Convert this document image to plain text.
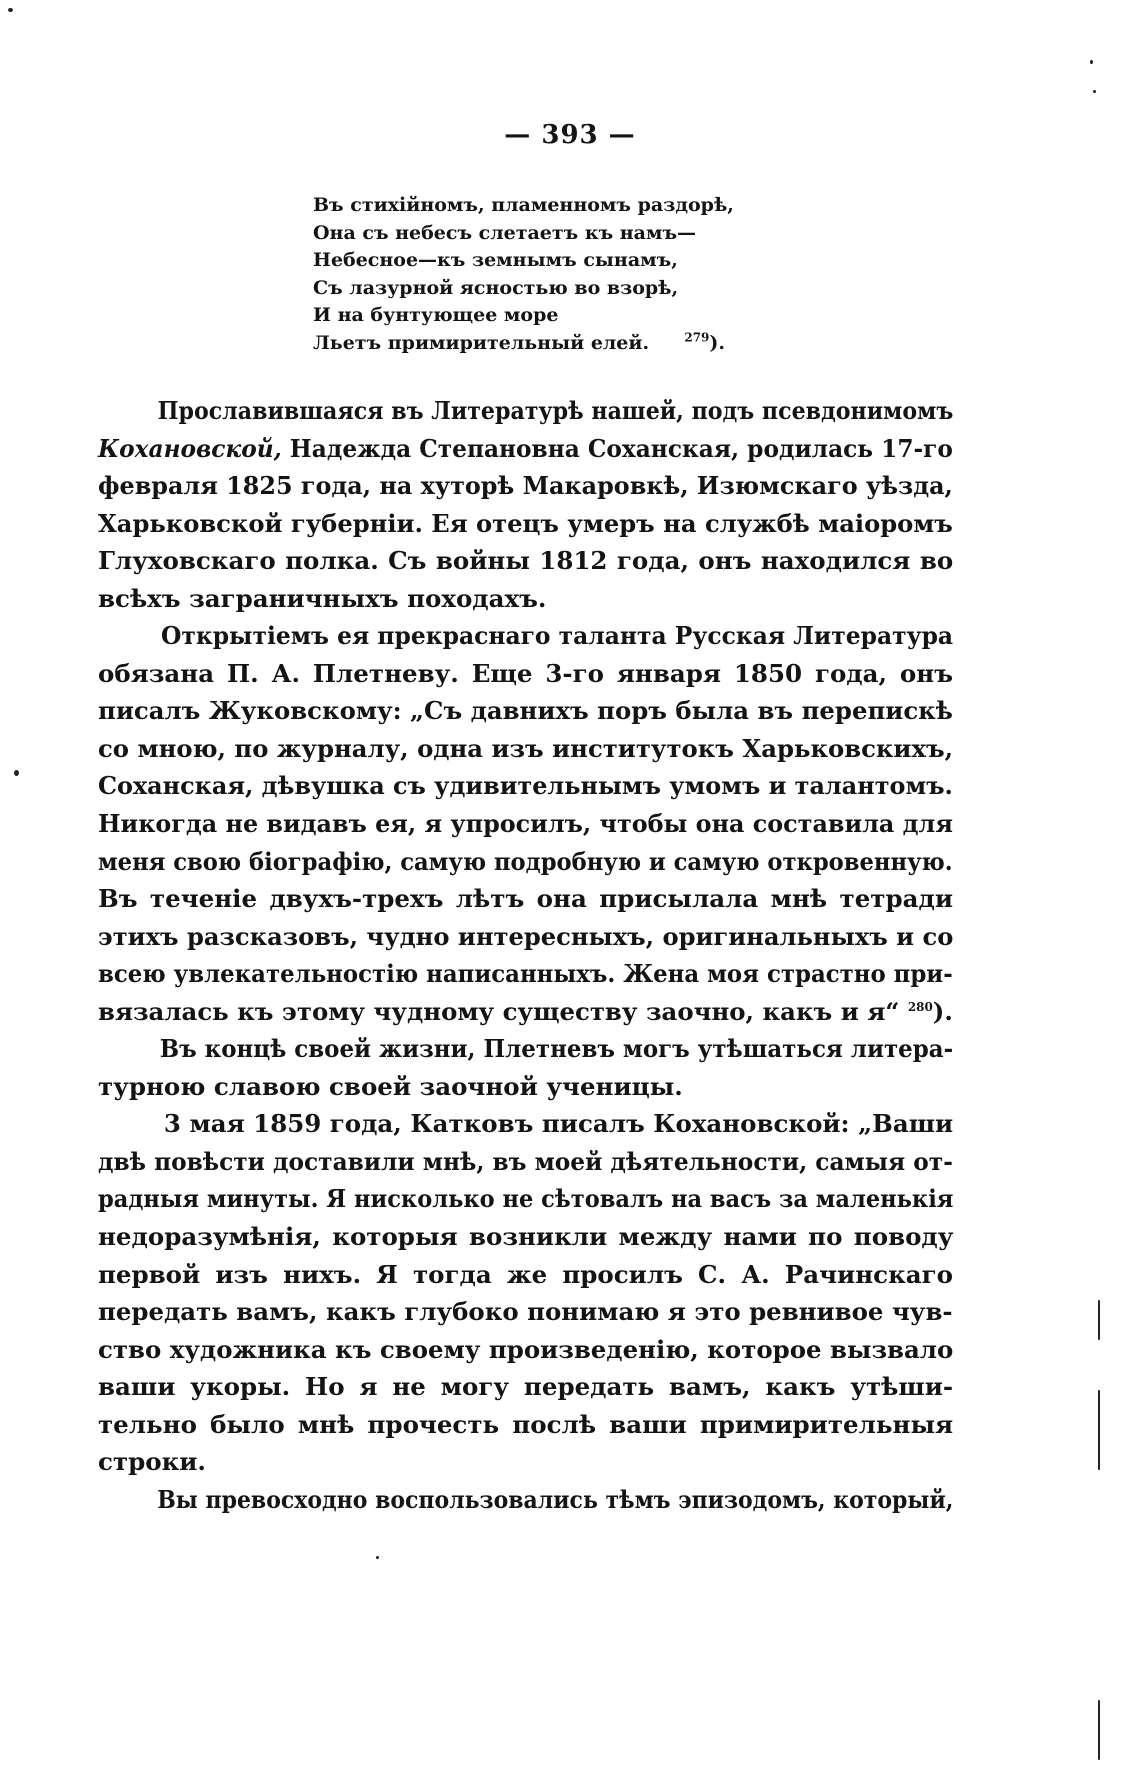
— 393 —
Въ стихійномъ, пламенномъ раздорѣ,
Она съ небесъ слетаетъ къ намъ—
Небесное—къ земнымъ сынамъ,
Съ лазурной ясностью во взорѣ,
И на бунтующее море
Льетъ примирительный елей.	$^{279}$).
Прославившаяся въ Литературѣ нашей, подъ псевдонимомъ
Кохановской, Надежда Степановна Соханская, родилась 17-го
февраля 1825 года, на хуторѣ Макаровкѣ, Изюмскаго уѣзда,
Харьковской губерніи. Ея отецъ умеръ на службѣ маіоромъ
Глуховскаго полка. Съ войны 1812 года, онъ находился во
всѣхъ заграничныхъ походахъ.
Открытіемъ ея прекраснаго таланта Русская Литература
обязана П. А. Плетневу. Еще 3-го января 1850 года, онъ
писалъ Жуковскому: „Съ давнихъ поръ была въ перепискѣ
со мною, по журналу, одна изъ институтокъ Харьковскихъ,
Соханская, дѣвушка съ удивительнымъ умомъ и талантомъ.
Никогда не видавъ ея, я упросилъ, чтобы она составила для
меня свою біографію, самую подробную и самую откровенную.
Въ теченіе двухъ-трехъ лѣтъ она присылала мнѣ тетради
этихъ разсказовъ, чудно интересныхъ, оригинальныхъ и со
всею увлекательностію написанныхъ. Жена моя страстно при-
вязалась къ этому чудному существу заочно, какъ и я“ $^{280}$).
Въ концѣ своей жизни, Плетневъ могъ утѣшаться литера-
турною славою своей заочной ученицы.
3 мая 1859 года, Катковъ писалъ Кохановской: „Ваши
двѣ повѣсти доставили мнѣ, въ моей дѣятельности, самыя от-
радныя минуты. Я нисколько не сѣтовалъ на васъ за маленькія
недоразумѣнія, которыя возникли между нами по поводу
первой изъ нихъ. Я тогда же просилъ С. А. Рачинскаго
передать вамъ, какъ глубоко понимаю я это ревнивое чув-
ство художника къ своему произведенію, которое вызвало
ваши укоры. Но я не могу передать вамъ, какъ утѣши-
тельно было мнѣ прочесть послѣ ваши примирительныя
строки.
Вы превосходно воспользовались тѣмъ эпизодомъ, который,
